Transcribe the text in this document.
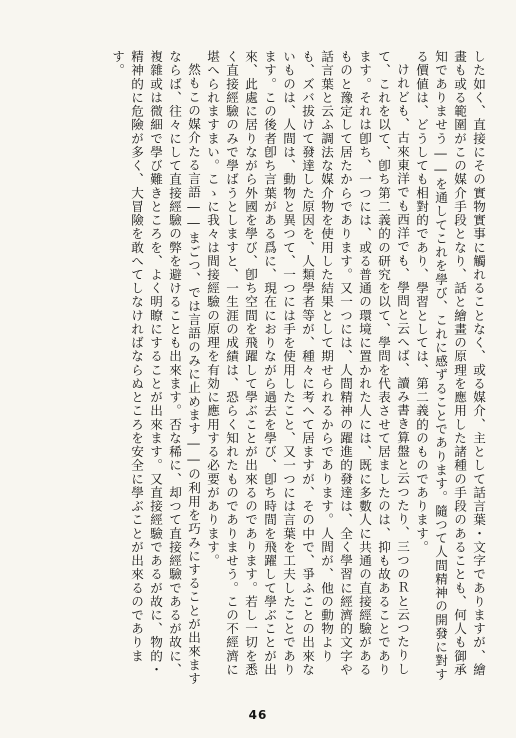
した如く、直接にその實物實事に觸れることなく、或る媒介、主として話言葉・文字でありますが、繪畫も或る範圍がこの媒介手段となり、話と繪畫の原理を應用した諸種の手段のあることも、何人も御承知でありませう――を通してこれを學び、これに感ずることであります。隨つて人間精神の開發に對する價値は、どうしても相對的であり、學習としては、第二義的のものであります。

けれども、古來東洋でも西洋でも、學問と云へば、讀み書き算盤と云つたり、三つのＲと云つたりして、これを以て、卽ち第二義的の研究を以て、學問を代表させて居ましたのは、抑も故あることであります。それは卽ち、一つには、或る普通の環境に置かれた人には、既に多數人に共通の直接經驗があるものと豫定して居たからであります。又一つには、人間精神の躍進的發達は、全く學習に經濟的文字や話言葉と云ふ調法な媒介物を使用した結果として期せられるからであります。人間が、他の動物よりも、ズバ拔けて發達した原因を、人類學者等が、種々に考へて居ますが、その中で、爭ふことの出來ないものは、人間は、動物と異つて、一つには手を使用したこと、又一つには言葉を工夫したことであります。この後者卽ち言葉がある爲に、現在におりながら過去を學び、卽ち時間を飛躍して學ぶことが出來、此處に居りながら外國を學び、卽ち空間を飛躍して學ぶことが出來るのであります。若し一切を悉く直接經驗のみで學ばうとしますと、一生涯の成績は、恐らく知れたものでありませう。この不經濟に堪へられますまい。こゝに我々は間接經驗の原理を有効に應用する必要があります。

然もこの媒介たる言語――まごつ、では言語のみに止めます――の利用を巧みにすることが出來ますならば、往々にして直接經驗の弊を避けることも出來ます。否な稀に、却つて直接經驗であるが故に、複雜或は微細で學び難きところを、よく明瞭にすることが出來ます。又直接經驗であるが故に、物的・精神的に危險が多く、大冒險を敢へてしなければならぬところを安全に學ぶことが出來るのであります。

46
